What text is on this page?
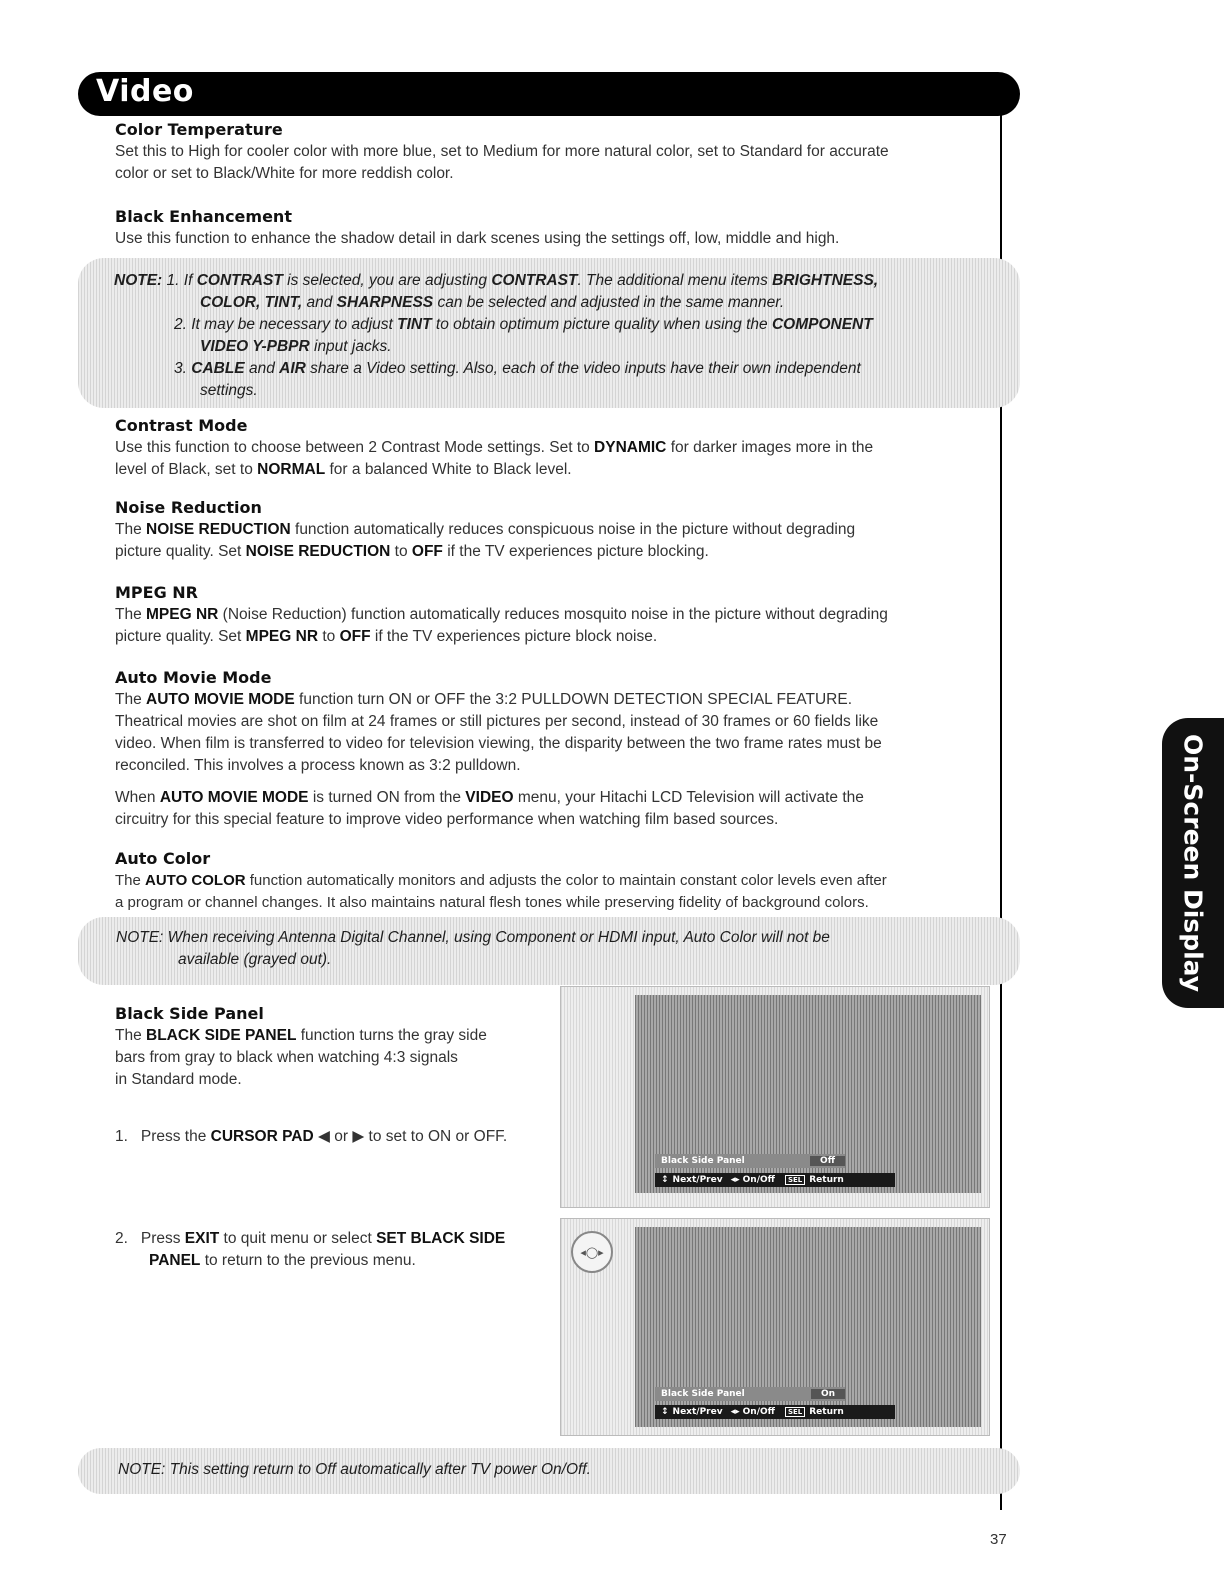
Video
On-Screen Display
Color Temperature

Set this to High for cooler color with more blue, set to Medium for more natural color, set to Standard for accurate
color or set to Black/White for more reddish color.

Black Enhancement

Use this function to enhance the shadow detail in dark scenes using the settings off, low, middle and high.

NOTE: 1. If CONTRAST is selected, you are adjusting CONTRAST. The additional menu items BRIGHTNESS,
COLOR, TINT, and SHARPNESS can be selected and adjusted in the same manner.
2. It may be necessary to adjust TINT to obtain optimum picture quality when using the COMPONENT
VIDEO Y-PBPR input jacks.
3. CABLE and AIR share a Video setting. Also, each of the video inputs have their own independent
settings.
Contrast Mode

Use this function to choose between 2 Contrast Mode settings. Set to DYNAMIC for darker images more in the
level of Black, set to NORMAL for a balanced White to Black level.

Noise Reduction

The NOISE REDUCTION function automatically reduces conspicuous noise in the picture without degrading
picture quality. Set NOISE REDUCTION to OFF if the TV experiences picture blocking.

MPEG NR

The MPEG NR (Noise Reduction) function automatically reduces mosquito noise in the picture without degrading
picture quality. Set MPEG NR to OFF if the TV experiences picture block noise.

Auto Movie Mode

The AUTO MOVIE MODE function turn ON or OFF the 3:2 PULLDOWN DETECTION SPECIAL FEATURE.
Theatrical movies are shot on film at 24 frames or still pictures per second, instead of 30 frames or 60 fields like
video. When film is transferred to video for television viewing, the disparity between the two frame rates must be
reconciled. This involves a process known as 3:2 pulldown.

When AUTO MOVIE MODE is turned ON from the VIDEO menu, your Hitachi LCD Television will activate the
circuitry for this special feature to improve video performance when watching film based sources.

Auto Color

The AUTO COLOR function automatically monitors and adjusts the color to maintain constant color levels even after
a program or channel changes. It also maintains natural flesh tones while preserving fidelity of background colors.

NOTE: When receiving Antenna Digital Channel, using Component or HDMI input, Auto Color will not be
available (grayed out).
Black Side Panel

The BLACK SIDE PANEL function turns the gray side
bars from gray to black when watching 4:3 signals
in Standard mode.

1. Press the CURSOR PAD ◀ or ▶ to set to ON or OFF.
2. Press EXIT to quit menu or select SET BLACK SIDE
PANEL to return to the previous menu.
Black Side Panel	Off
↕ Next/Prev ◂▸ On/Off	SEL Return
◂◯▸
Black Side Panel	On
↕ Next/Prev ◂▸ On/Off	SEL Return
NOTE: This setting return to Off automatically after TV power On/Off.
37
